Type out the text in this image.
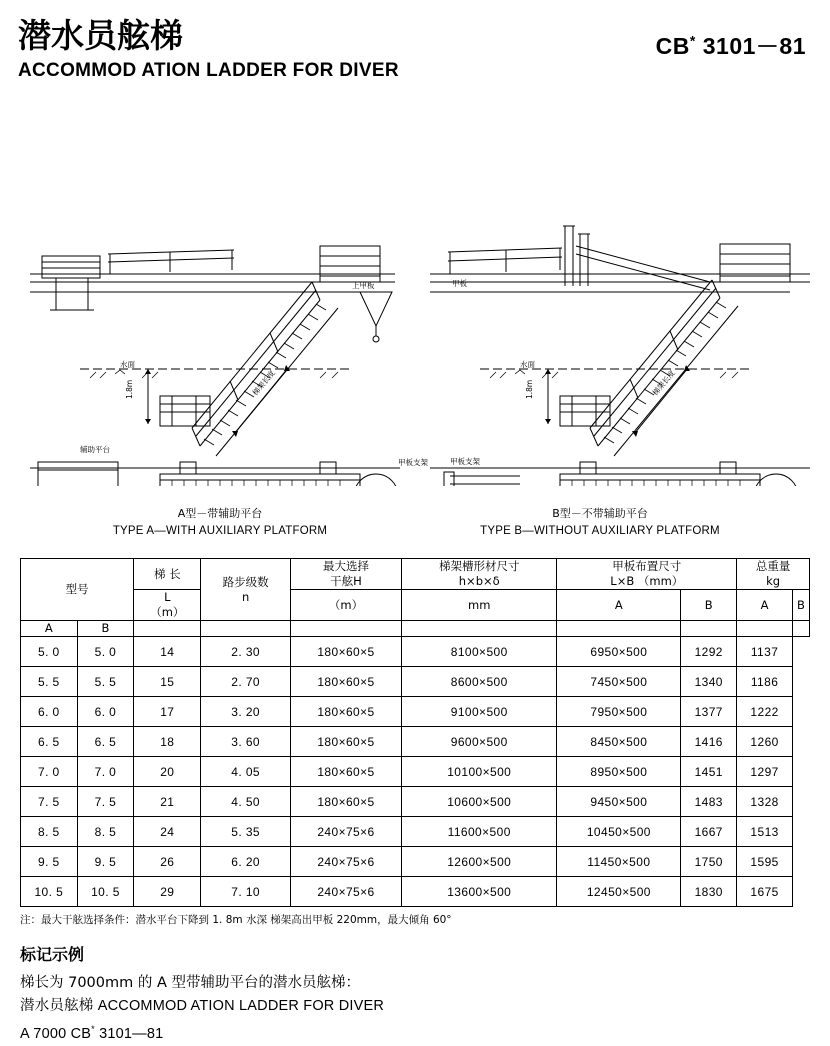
潜水员舷梯
ACCOMMOD ATION LADDER FOR DIVER
CB* 3101－81
上甲板
水面
1.8m	梯架长度
辅助平台
甲板支架
甲板
水面
1.8m	梯架长度
甲板支架
A型－带辅助平台
TYPE A—WITH AUXILIARY PLATFORM
B型－不带辅助平台
TYPE B—WITHOUT AUXILIARY PLATFORM
型号	梯 长	
路步级数
n

最大选择
干舷H

梯架槽形材尺寸
h×b×δ

甲板布置尺寸
L×B （mm）

总重量
kg

		L
（m）		（m）	mm	A	B	A	B
A	B								
5. 0	5. 0	14	2. 30	180×60×5	8100×500	6950×500	1292	1137	
5. 5	5. 5	15	2. 70	180×60×5	8600×500	7450×500	1340	1186	
6. 0	6. 0	17	3. 20	180×60×5	9100×500	7950×500	1377	1222	
6. 5	6. 5	18	3. 60	180×60×5	9600×500	8450×500	1416	1260	
7. 0	7. 0	20	4. 05	180×60×5	10100×500	8950×500	1451	1297	
7. 5	7. 5	21	4. 50	180×60×5	10600×500	9450×500	1483	1328	
8. 5	8. 5	24	5. 35	240×75×6	11600×500	10450×500	1667	1513	
9. 5	9. 5	26	6. 20	240×75×6	12600×500	11450×500	1750	1595	
10. 5	10. 5	29	7. 10	240×75×6	13600×500	12450×500	1830	1675	
注：最大干舷选择条件：潜水平台下降到 1. 8m 水深 梯架高出甲板 220mm，最大倾角 60°
标记示例

梯长为 7000mm 的 A 型带辅助平台的潜水员舷梯：

潜水员舷梯 ACCOMMOD ATION LADDER FOR DIVER

A 7000 CB* 3101—81
